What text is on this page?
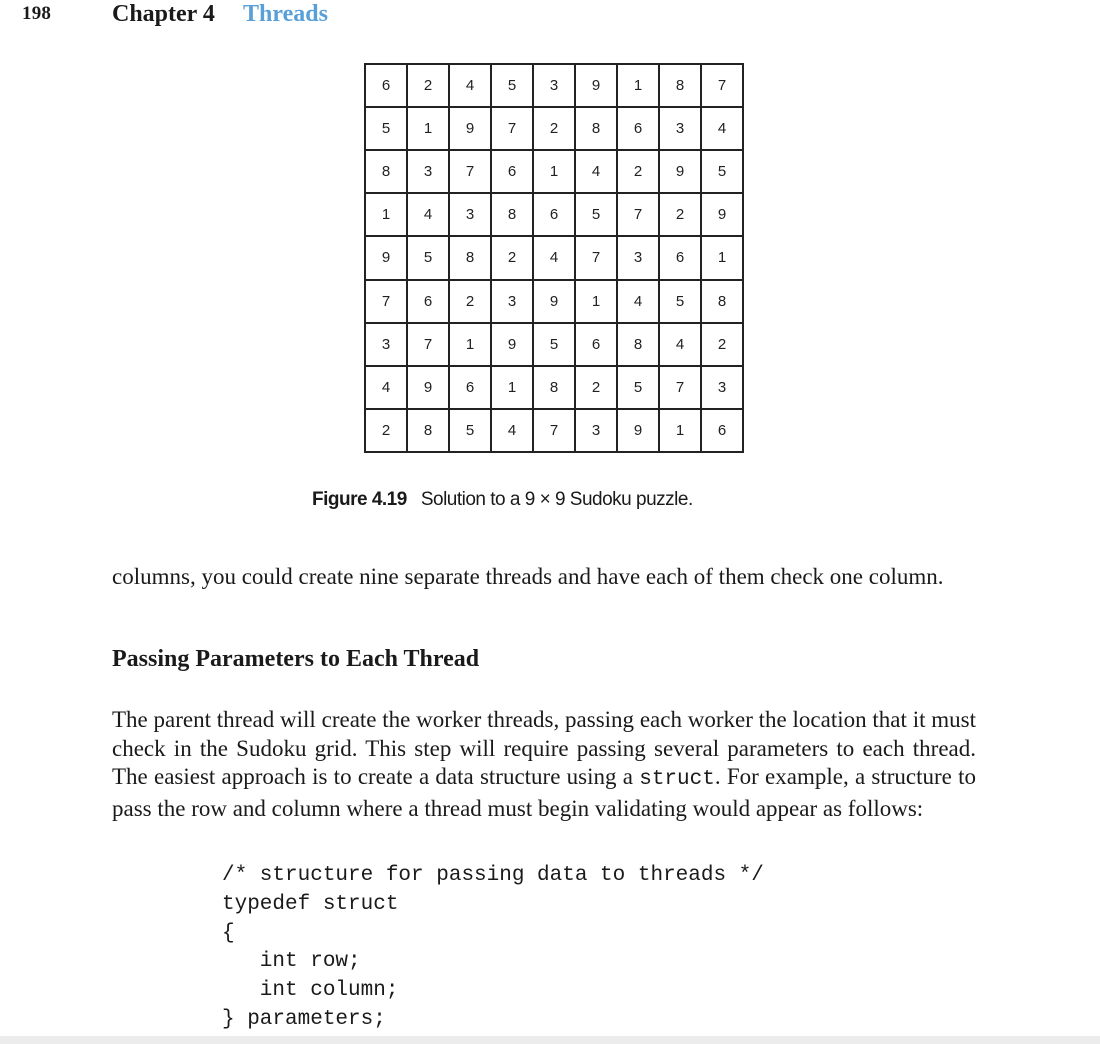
198	Chapter 4 Threads
6	2	4	5	3	9	1	8	7
5	1	9	7	2	8	6	3	4
8	3	7	6	1	4	2	9	5
1	4	3	8	6	5	7	2	9
9	5	8	2	4	7	3	6	1
7	6	2	3	9	1	4	5	8
3	7	1	9	5	6	8	4	2
4	9	6	1	8	2	5	7	3
2	8	5	4	7	3	9	1	6
Figure 4.19 Solution to a 9 × 9 Sudoku puzzle.

columns, you could create nine separate threads and have each of them check one column.

Passing Parameters to Each Thread

The parent thread will create the worker threads, passing each worker the location that it must check in the Sudoku grid. This step will require passing several parameters to each thread. The easiest approach is to create a data structure using a struct. For example, a structure to pass the row and column where a thread must begin validating would appear as follows:

/* structure for passing data to threads */
typedef struct
{
int row;
int column;
} parameters;
